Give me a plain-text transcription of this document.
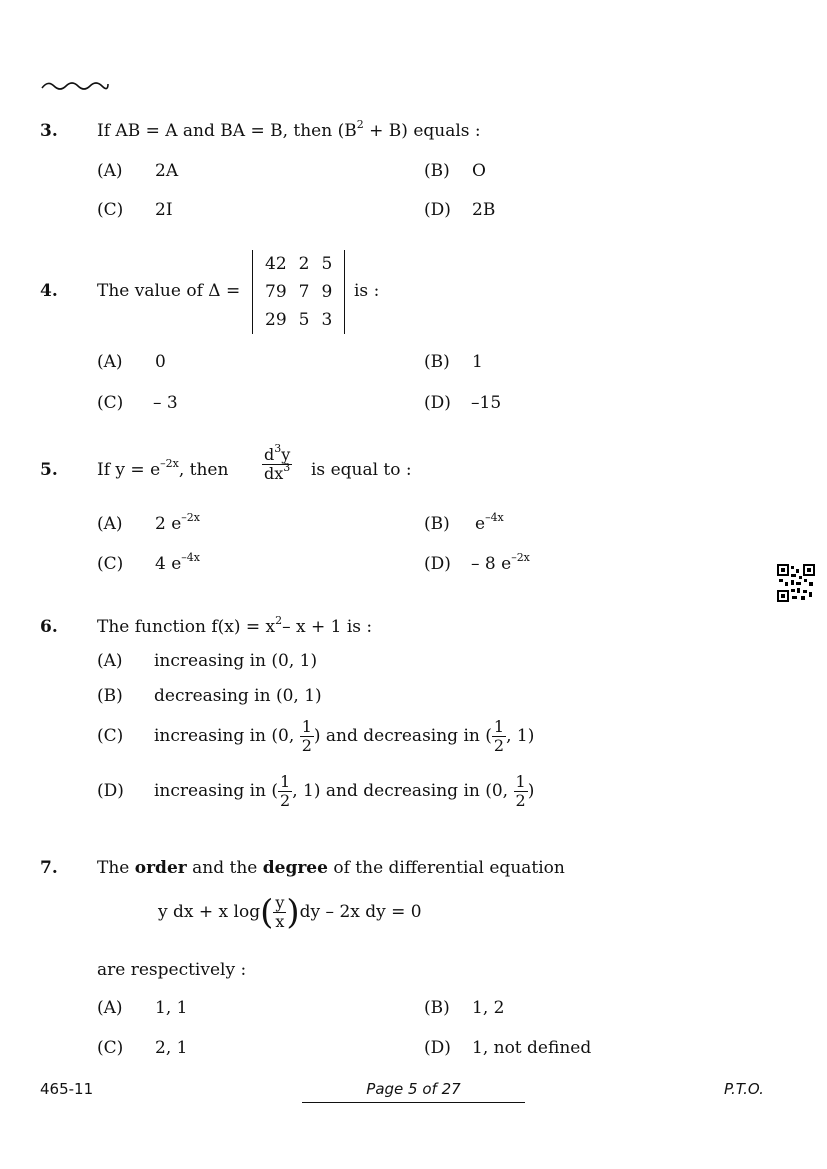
3. If AB = A and BA = B, then $(B^2 + B)$ equals :
(A) 2A	(B) O
(C) 2I	(D) 2B
4. The value of Δ =
42	2	5
79	7	9
29	5	3
is :
(A) 0	(B) 1
(C) – 3	(D) –15
5. If $y = e^{-2x}$, then $\frac{d^3y}{dx^3}$ is equal to :
(A) 2 $e^{-2x}$	(B) $e^{-4x}$
(C) 4 $e^{-4x}$	(D) – 8 $e^{-2x}$
6. The function $f(x) = x^2-$ x + 1 is :
(A) increasing in (0, 1)
(B) decreasing in (0, 1)
(C) increasing in (0, $\frac{1}{2}$ ) and decreasing in ( $\frac{1}{2}$ , 1)
(D) increasing in ( $\frac{1}{2}$ , 1) and decreasing in (0, $\frac{1}{2}$ )
7. The order and the degree of the differential equation
y dx + x $\log( \frac{y}{x} )dy - 2x$ dy = 0
are respectively :
(A) 1, 1	(B) 1, 2
(C) 2, 1	(D) 1, not defined
465-11	Page 5 of 27	P.T.O.
